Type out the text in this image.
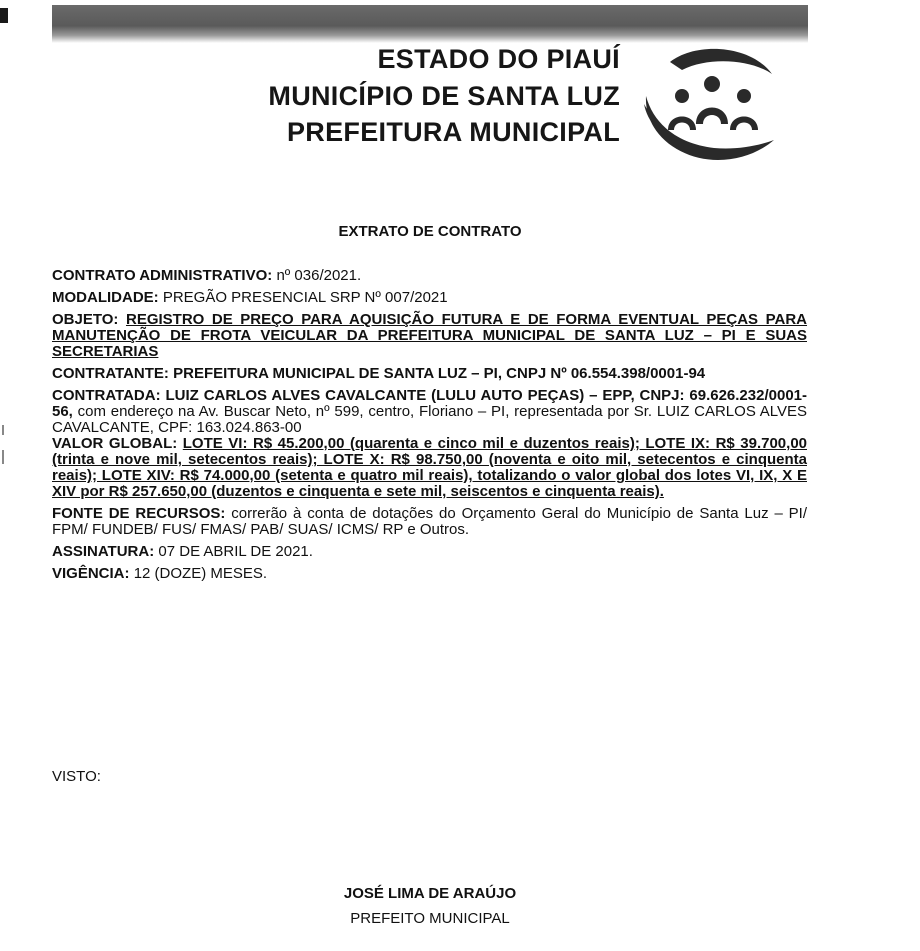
ESTADO DO PIAUÍ
MUNICÍPIO DE SANTA LUZ
PREFEITURA MUNICIPAL
EXTRATO DE CONTRATO

CONTRATO ADMINISTRATIVO: nº 036/2021.

MODALIDADE: PREGÃO PRESENCIAL SRP Nº 007/2021

OBJETO: REGISTRO DE PREÇO PARA AQUISIÇÃO FUTURA E DE FORMA EVENTUAL PEÇAS PARA MANUTENÇÃO DE FROTA VEICULAR DA PREFEITURA MUNICIPAL DE SANTA LUZ – PI E SUAS SECRETARIAS

CONTRATANTE: PREFEITURA MUNICIPAL DE SANTA LUZ – PI, CNPJ Nº 06.554.398/0001-94

CONTRATADA: LUIZ CARLOS ALVES CAVALCANTE (LULU AUTO PEÇAS) – EPP, CNPJ: 69.626.232/0001-56, com endereço na Av. Buscar Neto, nº 599, centro, Floriano – PI, representada por Sr. LUIZ CARLOS ALVES CAVALCANTE, CPF: 163.024.863-00

VALOR GLOBAL: LOTE VI: R$ 45.200,00 (quarenta e cinco mil e duzentos reais); LOTE IX: R$ 39.700,00 (trinta e nove mil, setecentos reais); LOTE X: R$ 98.750,00 (noventa e oito mil, setecentos e cinquenta reais); LOTE XIV: R$ 74.000,00 (setenta e quatro mil reais), totalizando o valor global dos lotes VI, IX, X E XIV por R$ 257.650,00 (duzentos e cinquenta e sete mil, seiscentos e cinquenta reais).

FONTE DE RECURSOS: correrão à conta de dotações do Orçamento Geral do Município de Santa Luz – PI/ FPM/ FUNDEB/ FUS/ FMAS/ PAB/ SUAS/ ICMS/ RP e Outros.

ASSINATURA: 07 DE ABRIL DE 2021.

VIGÊNCIA: 12 (DOZE) MESES.

VISTO:
JOSÉ LIMA DE ARAÚJO
PREFEITO MUNICIPAL
